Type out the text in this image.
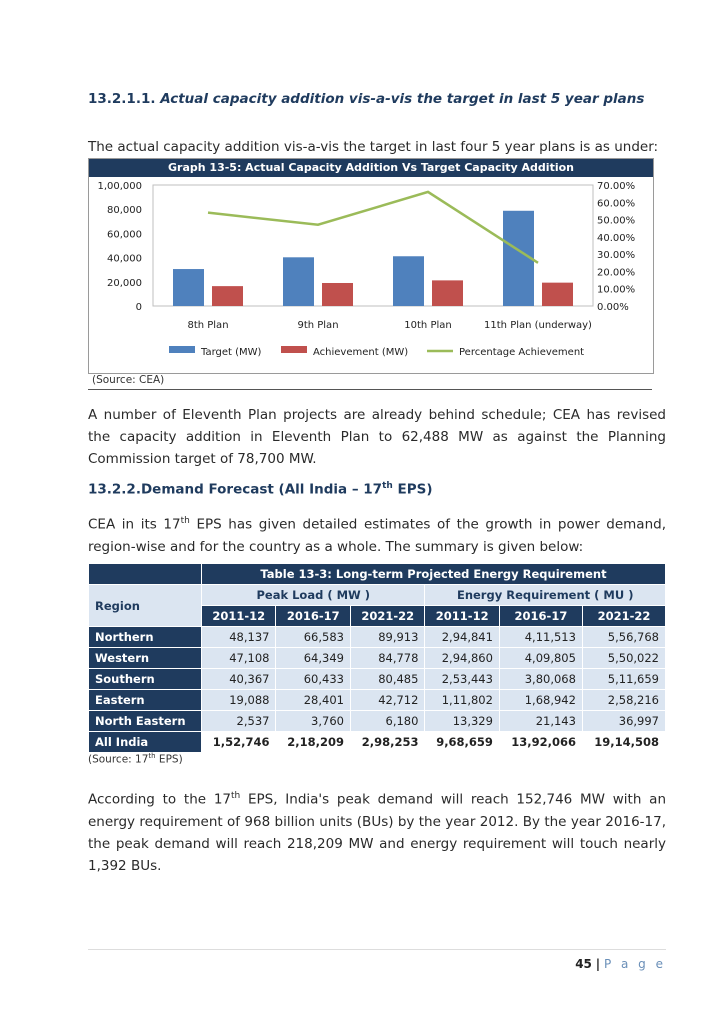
13.2.1.1. Actual capacity addition vis-a-vis the target in last 5 year plans
The actual capacity addition vis-a-vis the target in last four 5 year plans is as under:
Graph 13-5: Actual Capacity Addition Vs Target Capacity Addition
0
20,000
40,000
60,000
80,000
1,00,000
0.00%
10.00%
20.00%
30.00%
40.00%
50.00%
60.00%
70.00%
8th Plan	9th Plan	10th Plan	11th Plan (underway)
Target (MW)	Achievement (MW)	Percentage Achievement
(Source: CEA)
A number of Eleventh Plan projects are already behind schedule; CEA has revised the capacity addition in Eleventh Plan to 62,488 MW as against the Planning Commission target of 78,700 MW.
13.2.2.Demand Forecast (All India – 17th EPS)
CEA in its 17th EPS has given detailed estimates of the growth in power demand, region-wise and for the country as a whole. The summary is given below:
	Table 13-3: Long-term Projected Energy Requirement					
Region	Peak Load ( MW )			Energy Requirement ( MU )		
	2011-12	2016-17	2021-22	2011-12	2016-17	2021-22
Northern	48,137	66,583	89,913	2,94,841	4,11,513	5,56,768
Western	47,108	64,349	84,778	2,94,860	4,09,805	5,50,022
Southern	40,367	60,433	80,485	2,53,443	3,80,068	5,11,659
Eastern	19,088	28,401	42,712	1,11,802	1,68,942	2,58,216
North Eastern	2,537	3,760	6,180	13,329	21,143	36,997
All India	1,52,746	2,18,209	2,98,253	9,68,659	13,92,066	19,14,508
(Source: 17th EPS)
According to the 17th EPS, India's peak demand will reach 152,746 MW with an energy requirement of 968 billion units (BUs) by the year 2012. By the year 2016-17, the peak demand will reach 218,209 MW and energy requirement will touch nearly 1,392 BUs.
45 | P a g e
